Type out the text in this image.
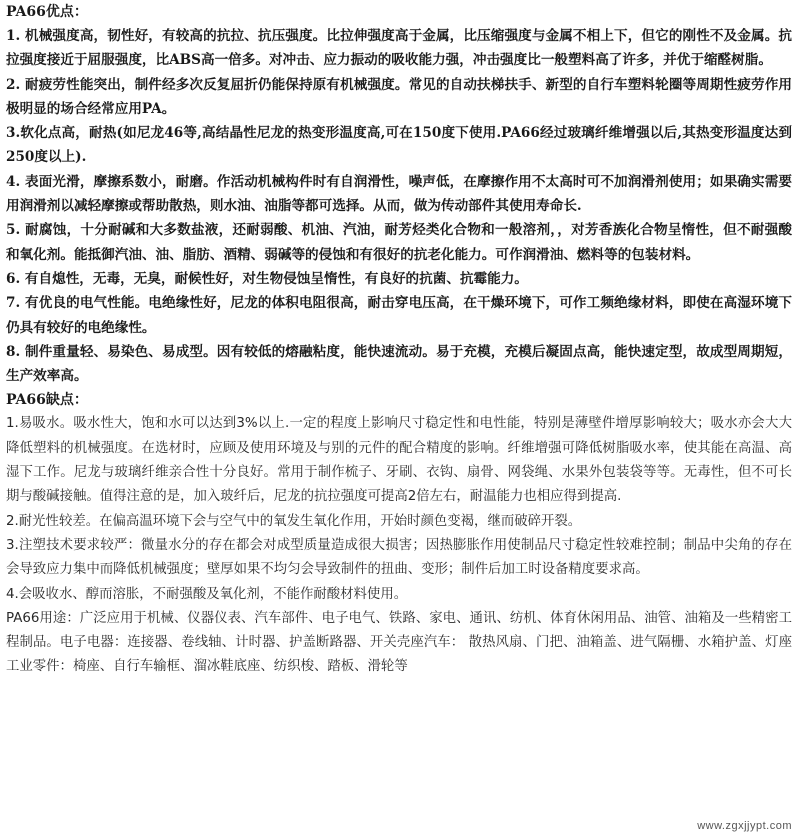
PA66优点：

1. 机械强度高，韧性好，有较高的抗拉、抗压强度。比拉伸强度高于金属，比压缩强度与金属不相上下，但它的刚性不及金属。抗拉强度接近于屈服强度，比ABS高一倍多。对冲击、应力振动的吸收能力强，冲击强度比一般塑料高了许多，并优于缩醛树脂。

2. 耐疲劳性能突出，制件经多次反复屈折仍能保持原有机械强度。常见的自动扶梯扶手、新型的自行车塑料轮圈等周期性疲劳作用极明显的场合经常应用PA。

3.软化点高，耐热(如尼龙46等,高结晶性尼龙的热变形温度高,可在150度下使用.PA66经过玻璃纤维增强以后,其热变形温度达到250度以上).

4. 表面光滑，摩擦系数小，耐磨。作活动机械构件时有自润滑性，噪声低，在摩擦作用不太高时可不加润滑剂使用；如果确实需要用润滑剂以减轻摩擦或帮助散热，则水油、油脂等都可选择。从而，做为传动部件其使用寿命长.

5. 耐腐蚀，十分耐碱和大多数盐液，还耐弱酸、机油、汽油，耐芳烃类化合物和一般溶剂，，对芳香族化合物呈惰性，但不耐强酸和氧化剂。能抵御汽油、油、脂肪、酒精、弱碱等的侵蚀和有很好的抗老化能力。可作润滑油、燃料等的包装材料。

6. 有自熄性，无毒，无臭，耐候性好，对生物侵蚀呈惰性，有良好的抗菌、抗霉能力。

7. 有优良的电气性能。电绝缘性好，尼龙的体积电阻很高，耐击穿电压高，在干燥环境下，可作工频绝缘材料，即使在高湿环境下仍具有较好的电绝缘性。

8. 制件重量轻、易染色、易成型。因有较低的熔融粘度，能快速流动。易于充模，充模后凝固点高，能快速定型，故成型周期短，生产效率高。

PA66缺点：

1.易吸水。吸水性大，饱和水可以达到3%以上.一定的程度上影响尺寸稳定性和电性能，特别是薄壁件增厚影响较大；吸水亦会大大降低塑料的机械强度。在选材时，应顾及使用环境及与别的元件的配合精度的影响。纤维增强可降低树脂吸水率，使其能在高温、高湿下工作。尼龙与玻璃纤维亲合性十分良好。常用于制作梳子、牙刷、衣钩、扇骨、网袋绳、水果外包装袋等等。无毒性，但不可长期与酸碱接触。值得注意的是，加入玻纤后，尼龙的抗拉强度可提高2倍左右，耐温能力也相应得到提高.

2.耐光性较差。在偏高温环境下会与空气中的氧发生氧化作用，开始时颜色变褐，继而破碎开裂。

3.注塑技术要求较严：微量水分的存在都会对成型质量造成很大损害；因热膨胀作用使制品尺寸稳定性较难控制；制品中尖角的存在会导致应力集中而降低机械强度；壁厚如果不均匀会导致制件的扭曲、变形；制件后加工时设备精度要求高。

4.会吸收水、醇而溶胀，不耐强酸及氧化剂，不能作耐酸材料使用。

PA66用途：广泛应用于机械、仪器仪表、汽车部件、电子电气、铁路、家电、通讯、纺机、体育休闲用品、油管、油箱及一些精密工程制品。电子电器：连接器、卷线轴、计时器、护盖断路器、开关壳座汽车： 散热风扇、门把、油箱盖、进气隔栅、水箱护盖、灯座工业零件：椅座、自行车输框、溜冰鞋底座、纺织梭、踏板、滑轮等

www.zgxjjypt.com
